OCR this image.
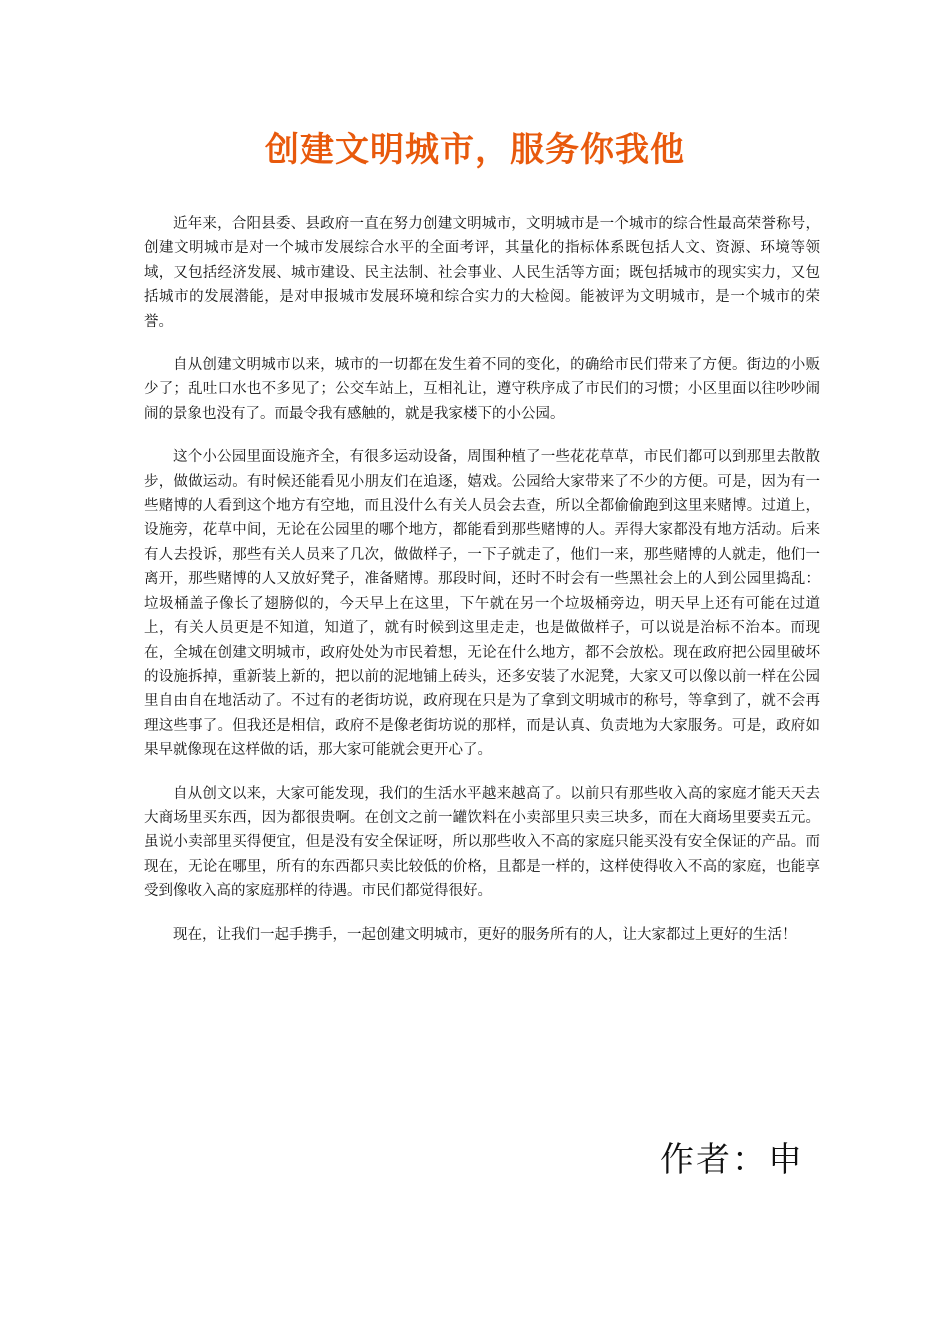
创建文明城市，服务你我他

近年来，合阳县委、县政府一直在努力创建文明城市，文明城市是一个城市的综合性最高荣誉称号，创建文明城市是对一个城市发展综合水平的全面考评，其量化的指标体系既包括人文、资源、环境等领域，又包括经济发展、城市建设、民主法制、社会事业、人民生活等方面；既包括城市的现实实力，又包括城市的发展潜能，是对申报城市发展环境和综合实力的大检阅。能被评为文明城市，是一个城市的荣誉。

自从创建文明城市以来，城市的一切都在发生着不同的变化，的确给市民们带来了方便。街边的小贩少了；乱吐口水也不多见了；公交车站上，互相礼让，遵守秩序成了市民们的习惯；小区里面以往吵吵闹闹的景象也没有了。而最令我有感触的，就是我家楼下的小公园。

这个小公园里面设施齐全，有很多运动设备，周围种植了一些花花草草，市民们都可以到那里去散散步，做做运动。有时候还能看见小朋友们在追逐，嬉戏。公园给大家带来了不少的方便。可是，因为有一些赌博的人看到这个地方有空地，而且没什么有关人员会去查，所以全都偷偷跑到这里来赌博。过道上，设施旁，花草中间，无论在公园里的哪个地方，都能看到那些赌博的人。弄得大家都没有地方活动。后来有人去投诉，那些有关人员来了几次，做做样子，一下子就走了，他们一来，那些赌博的人就走，他们一离开，那些赌博的人又放好凳子，准备赌博。那段时间，还时不时会有一些黑社会上的人到公园里捣乱：垃圾桶盖子像长了翅膀似的，今天早上在这里，下午就在另一个垃圾桶旁边，明天早上还有可能在过道上，有关人员更是不知道，知道了，就有时候到这里走走，也是做做样子，可以说是治标不治本。而现在，全城在创建文明城市，政府处处为市民着想，无论在什么地方，都不会放松。现在政府把公园里破坏的设施拆掉，重新装上新的，把以前的泥地铺上砖头，还多安装了水泥凳，大家又可以像以前一样在公园里自由自在地活动了。不过有的老街坊说，政府现在只是为了拿到文明城市的称号，等拿到了，就不会再理这些事了。但我还是相信，政府不是像老街坊说的那样，而是认真、负责地为大家服务。可是，政府如果早就像现在这样做的话，那大家可能就会更开心了。

自从创文以来，大家可能发现，我们的生活水平越来越高了。以前只有那些收入高的家庭才能天天去大商场里买东西，因为都很贵啊。在创文之前一罐饮料在小卖部里只卖三块多，而在大商场里要卖五元。虽说小卖部里买得便宜，但是没有安全保证呀，所以那些收入不高的家庭只能买没有安全保证的产品。而现在，无论在哪里，所有的东西都只卖比较低的价格，且都是一样的，这样使得收入不高的家庭，也能享受到像收入高的家庭那样的待遇。市民们都觉得很好。

现在，让我们一起手携手，一起创建文明城市，更好的服务所有的人，让大家都过上更好的生活！

作者：申
